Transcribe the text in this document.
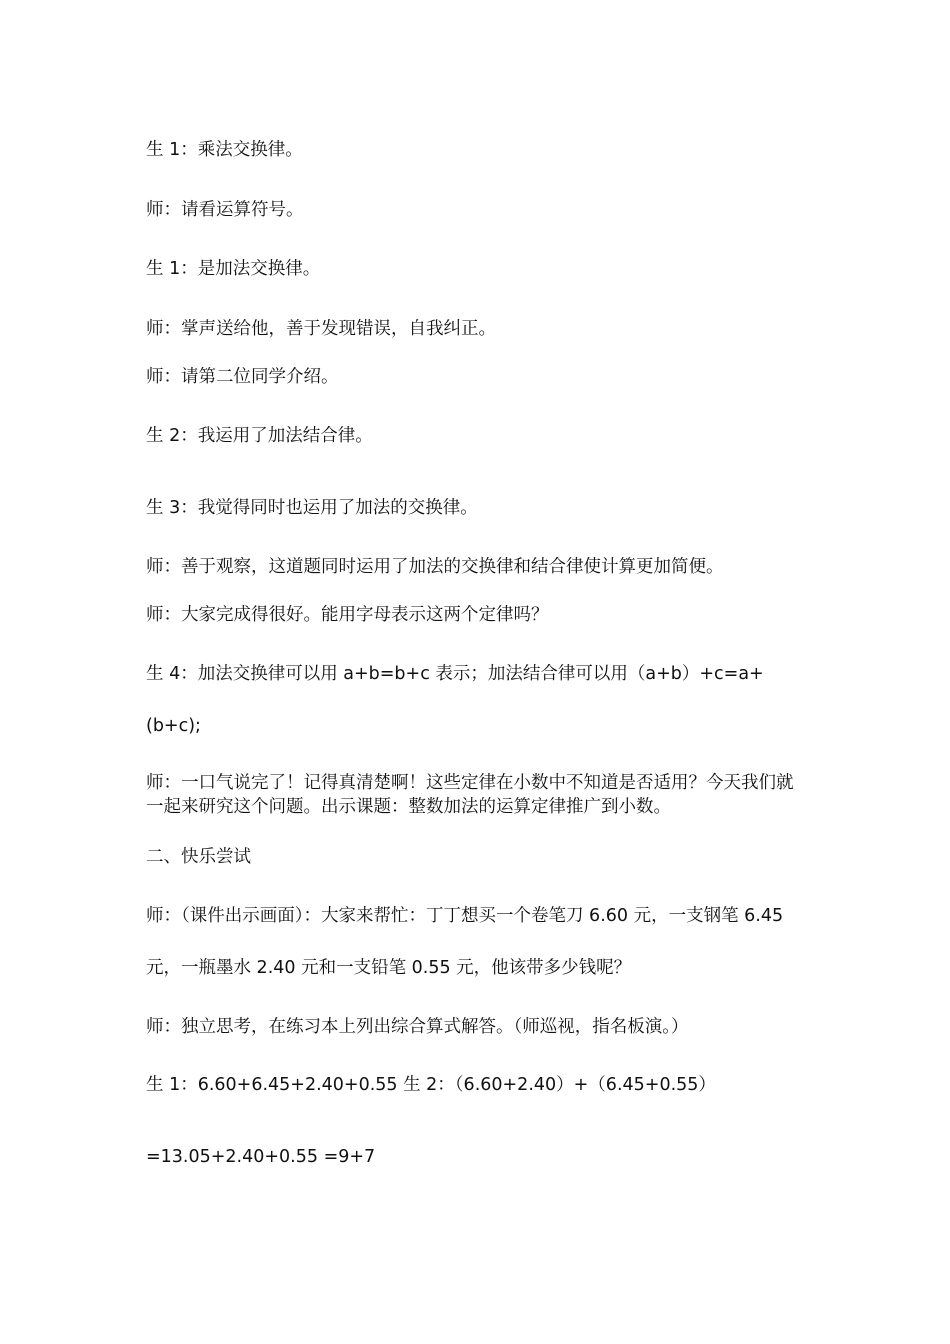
生 1：乘法交换律。
师：请看运算符号。
生 1：是加法交换律。
师：掌声送给他，善于发现错误，自我纠正。
师：请第二位同学介绍。
生 2：我运用了加法结合律。
生 3：我觉得同时也运用了加法的交换律。
师：善于观察，这道题同时运用了加法的交换律和结合律使计算更加简便。
师：大家完成得很好。能用字母表示这两个定律吗？
生 4：加法交换律可以用 a+b=b+c 表示；加法结合律可以用（a+b）+c=a+
(b+c);
师：一口气说完了！记得真清楚啊！这些定律在小数中不知道是否适用？今天我们就一起来研究这个问题。出示课题：整数加法的运算定律推广到小数。
二、快乐尝试
师：（课件出示画面）：大家来帮忙：丁丁想买一个卷笔刀 6.60 元，一支钢笔 6.45
元，一瓶墨水 2.40 元和一支铅笔 0.55 元，他该带多少钱呢？
师：独立思考，在练习本上列出综合算式解答。（师巡视，指名板演。）
生 1：6.60+6.45+2.40+0.55 生 2：（6.60+2.40）+（6.45+0.55）
=13.05+2.40+0.55 =9+7
